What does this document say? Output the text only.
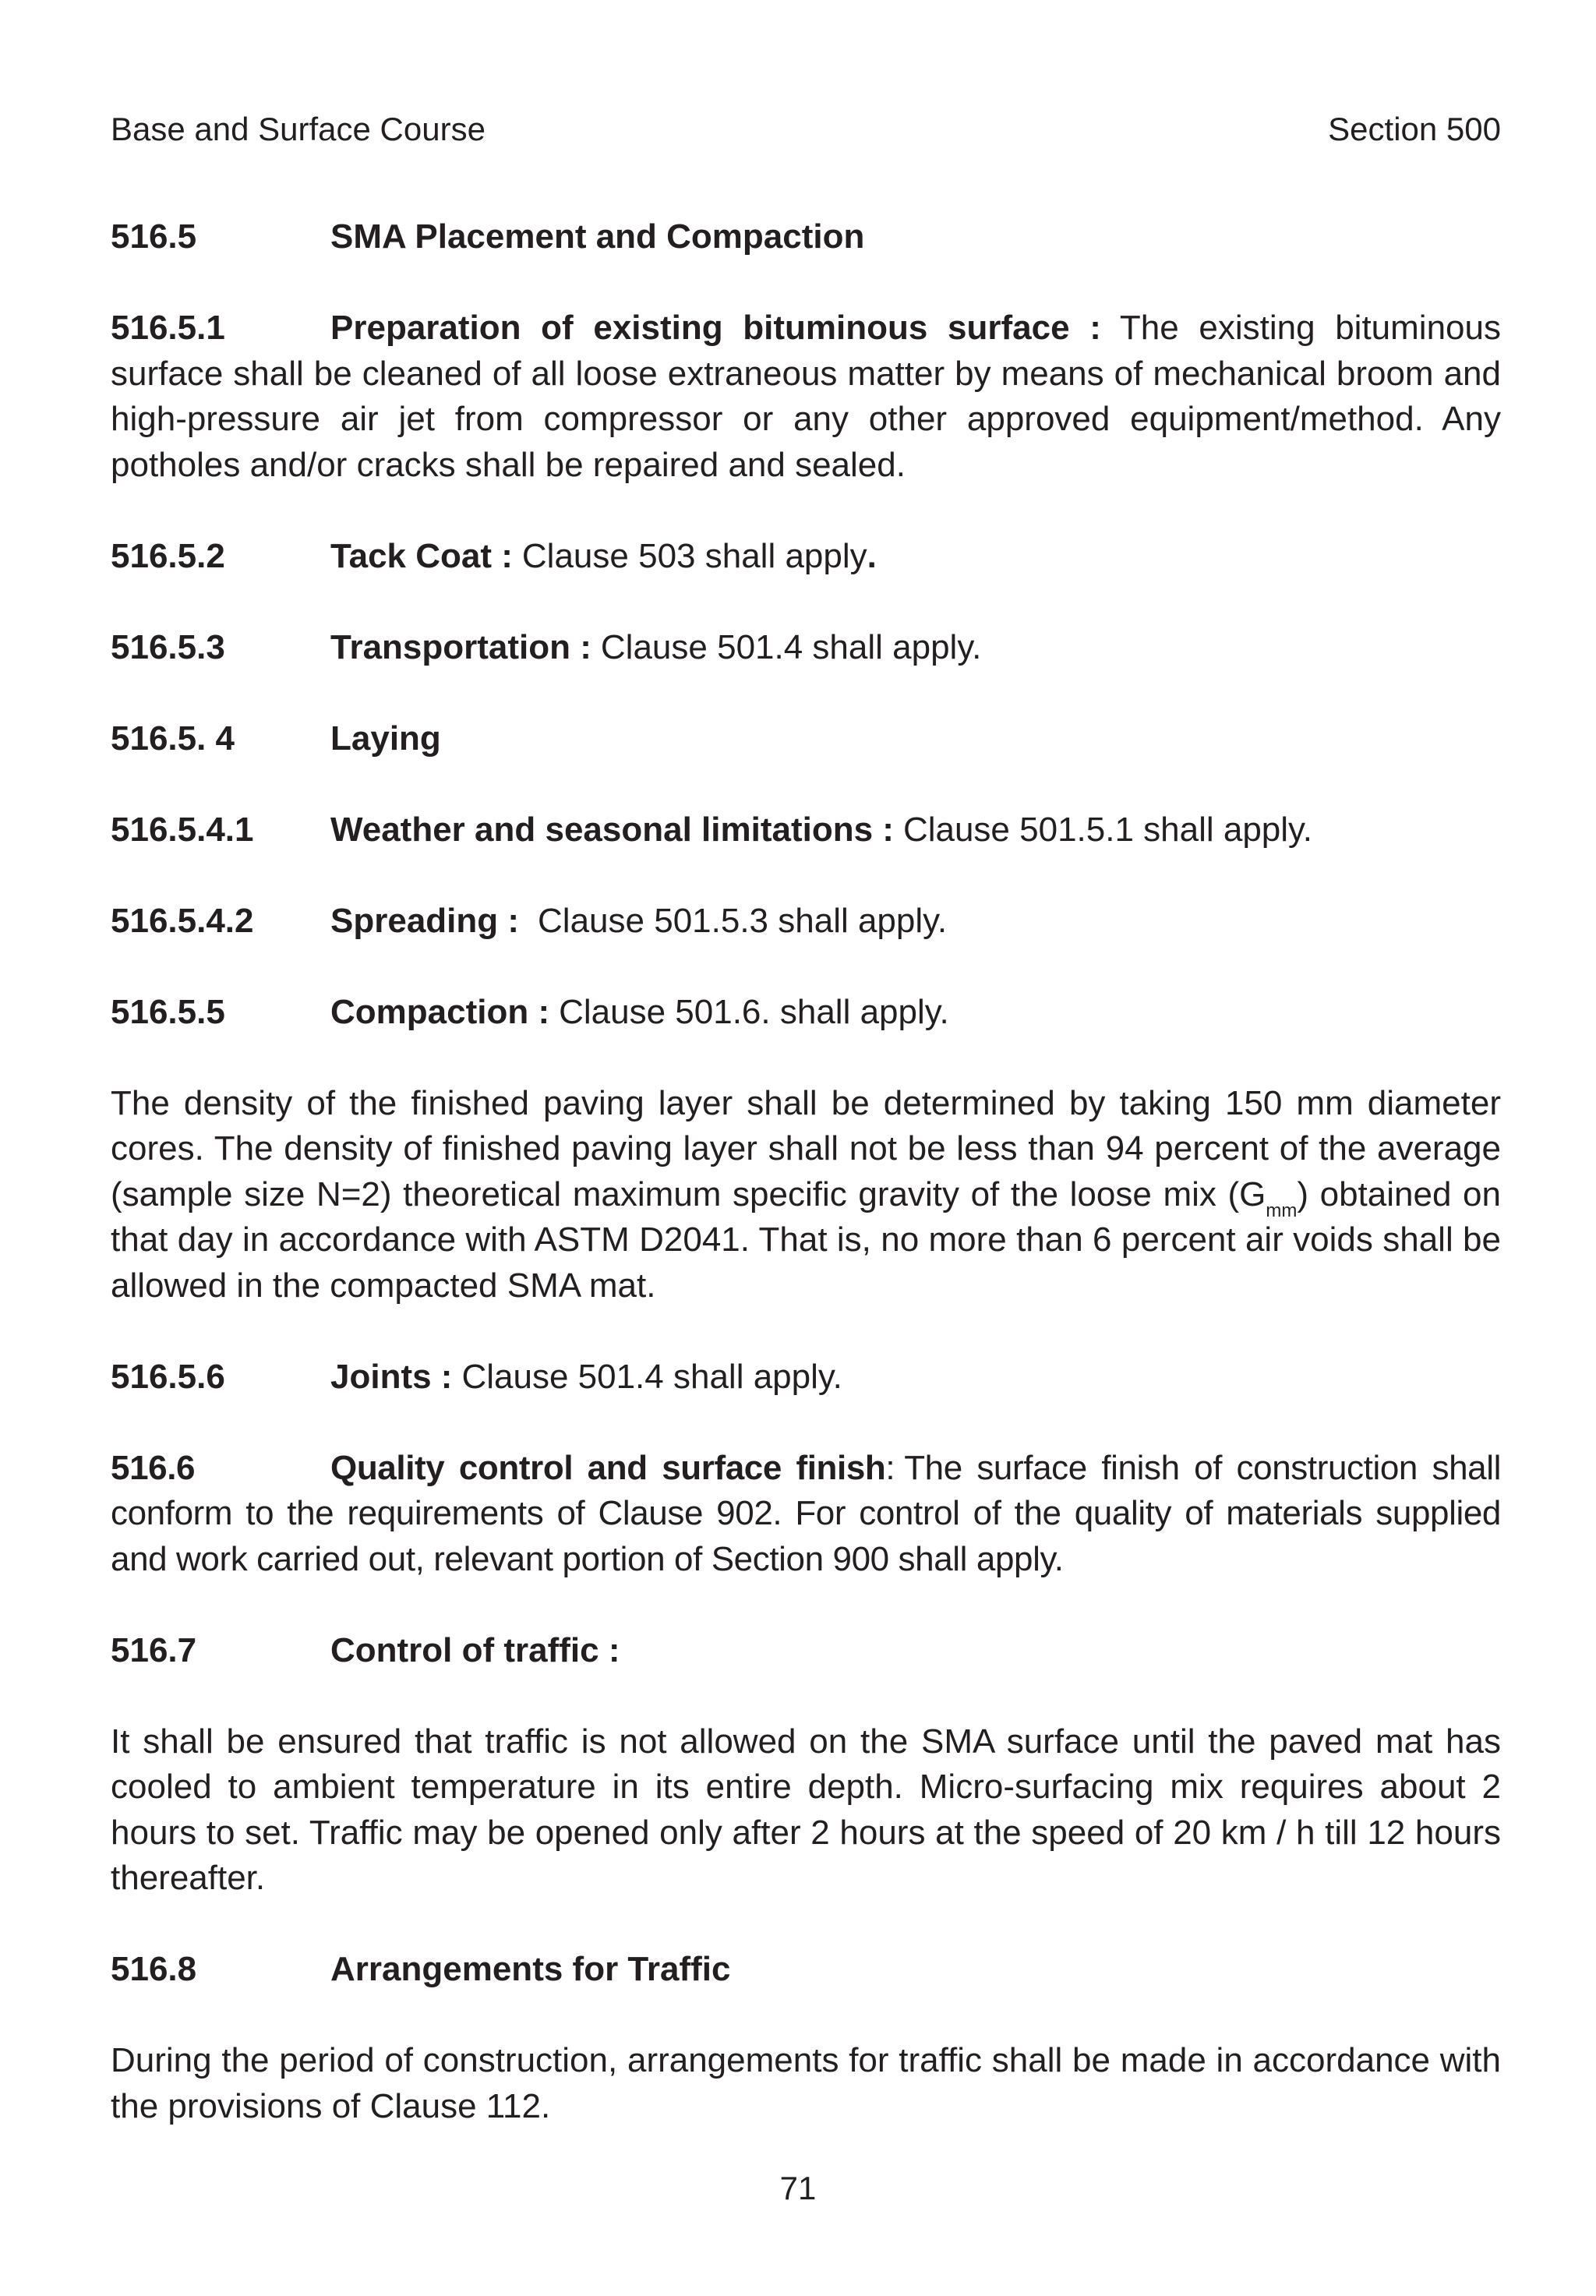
Base and Surface Course	Section 500
516.5	SMA Placement and Compaction

516.5.1	Preparation of existing bituminous surface : The existing bituminous surface shall be cleaned of all loose extraneous matter by means of mechanical broom and high-pressure air jet from compressor or any other approved equipment/method. Any potholes and/or cracks shall be repaired and sealed.

516.5.2	Tack Coat : Clause 503 shall apply.
516.5.3	Transportation : Clause 501.4 shall apply.
516.5. 4	Laying
516.5.4.1 Weather and seasonal limitations : Clause 501.5.1 shall apply.
516.5.4.2 Spreading : Clause 501.5.3 shall apply.
516.5.5	Compaction : Clause 501.6. shall apply.

The density of the finished paving layer shall be determined by taking 150 mm diameter cores. The density of finished paving layer shall not be less than 94 percent of the average (sample size N=2) theoretical maximum specific gravity of the loose mix $(G_{mm})$ obtained on that day in accordance with ASTM D2041. That is, no more than 6 percent air voids shall be allowed in the compacted SMA mat.

516.5.6	Joints : Clause 501.4 shall apply.

516.6	Quality control and surface finish: The surface finish of construction shall conform to the requirements of Clause 902. For control of the quality of materials supplied and work carried out, relevant portion of Section 900 shall apply.

516.7	Control of traffic :

It shall be ensured that traffic is not allowed on the SMA surface until the paved mat has cooled to ambient temperature in its entire depth. Micro-surfacing mix requires about 2 hours to set. Traffic may be opened only after 2 hours at the speed of 20 km / h till 12 hours thereafter.

516.8	Arrangements for Traffic

During the period of construction, arrangements for traffic shall be made in accordance with the provisions of Clause 112.

71
